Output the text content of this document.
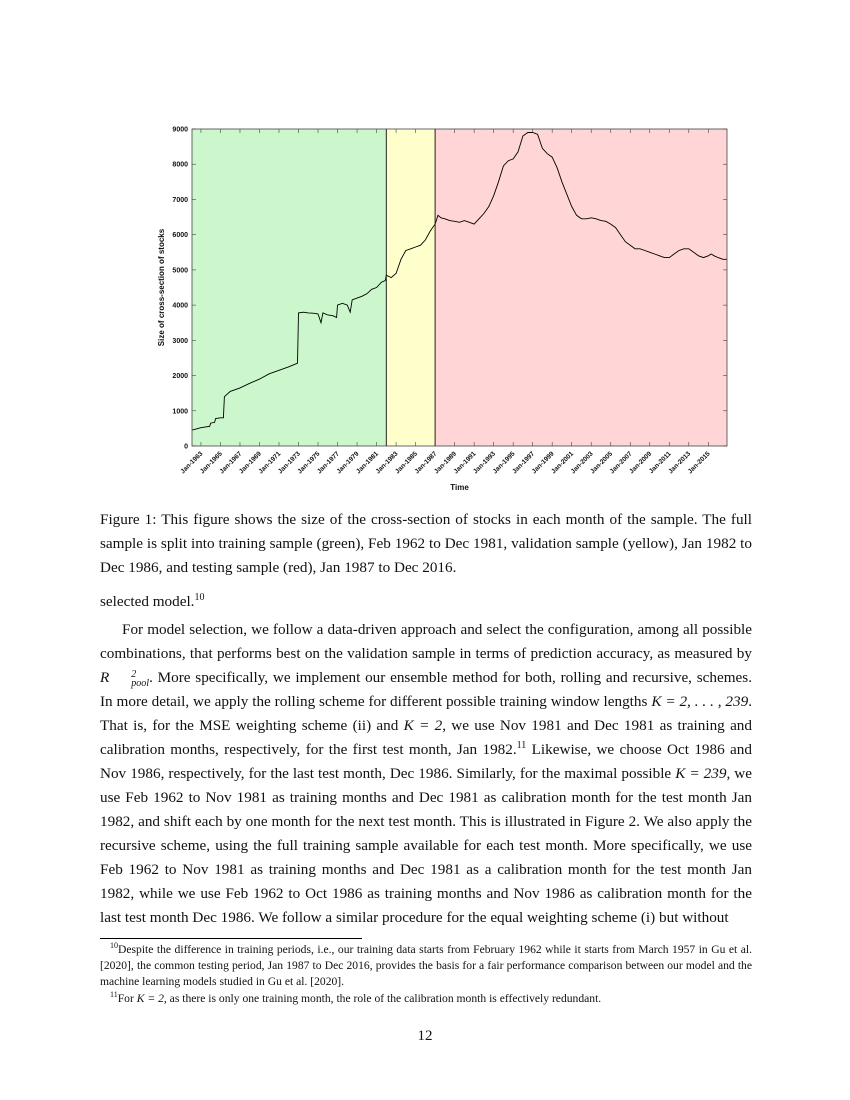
0
1000
2000
3000
4000
5000
6000
7000
8000
9000
Jan-1963
Jan-1965
Jan-1967
Jan-1969
Jan-1971
Jan-1973
Jan-1975
Jan-1977
Jan-1979
Jan-1981
Jan-1983
Jan-1985
Jan-1987
Jan-1989
Jan-1991
Jan-1993
Jan-1995
Jan-1997
Jan-1999
Jan-2001
Jan-2003
Jan-2005
Jan-2007
Jan-2009
Jan-2011
Jan-2013
Jan-2015
Size of cross-section of stocks
Time
Figure 1: This figure shows the size of the cross-section of stocks in each month of the sample. The full sample is split into training sample (green), Feb 1962 to Dec 1981, validation sample (yellow), Jan 1982 to Dec 1986, and testing sample (red), Jan 1987 to Dec 2016.

selected model.$^{10}$

For model selection, we follow a data-driven approach and select the configuration, among all possible combinations, that performs best on the validation sample in terms of prediction accuracy, as measured by R	2
pool . More specifically, we implement our ensemble method for both, rolling and recursive, schemes. In more detail, we apply the rolling scheme for different possible training window lengths K = 2, . . . , 239. That is, for the MSE weighting scheme (ii) and K = 2, we use Nov 1981 and Dec 1981 as training and calibration months, respectively, for the first test month, Jan 1982.11 Likewise, we choose Oct 1986 and Nov 1986, respectively, for the last test month, Dec 1986. Similarly, for the maximal possible K = 239, we use Feb 1962 to Nov 1981 as training months and Dec 1981 as calibration month for the test month Jan 1982, and shift each by one month for the next test month. This is illustrated in Figure 2. We also apply the recursive scheme, using the full training sample available for each test month. More specifically, we use Feb 1962 to Nov 1981 as training months and Dec 1981 as a calibration month for the test month Jan 1982, while we use Feb 1962 to Oct 1986 as training months and Nov 1986 as calibration month for the last test month Dec 1986. We follow a similar procedure for the equal weighting scheme (i) but without

$^{10}$Despite the difference in training periods, i.e., our training data starts from February 1962 while it starts from March 1957 in Gu et al. [2020], the common testing period, Jan 1987 to Dec 2016, provides the basis for a fair performance comparison between our model and the machine learning models studied in Gu et al. [2020].
$^{11}$For K = 2, as there is only one training month, the role of the calibration month is effectively redundant.
12
